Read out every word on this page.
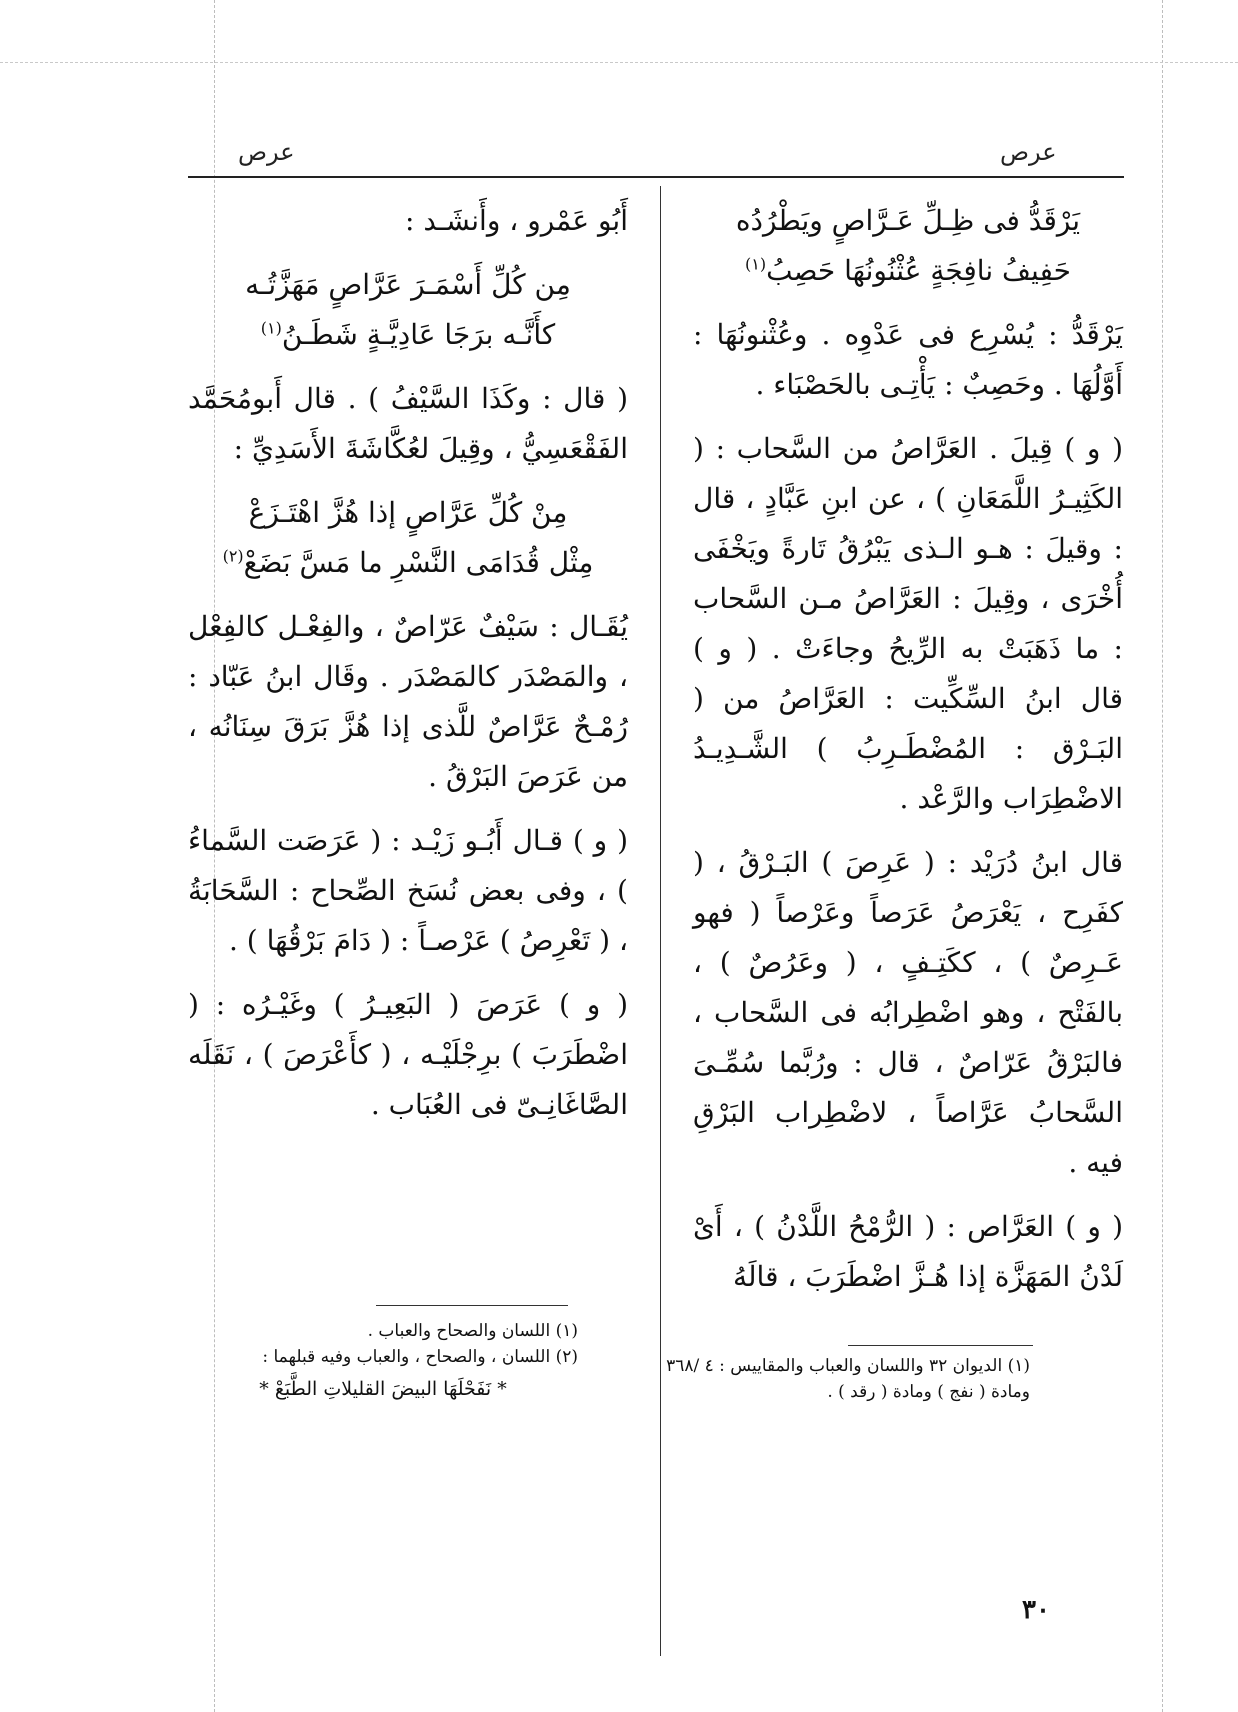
عرص
عرص
يَرْقَدُّ فى ظِـلِّ عَـرَّاصٍ ويَطْرُدُه
حَفِيفُ نافِجَةٍ عُثْنُونُهَا حَصِبُ$^{(١)}$

يَرْقَدُّ : يُسْرِع فى عَدْوِه . وعُثْنونُهَا : أَوَّلُهَا . وحَصِبٌ : يَأْتِـى بالحَصْبَاء .

( و ) قِيلَ . العَرَّاصُ من السَّحاب : ( الكَثِيـرُ اللَّمَعَانِ ) ، عن ابنِ عَبَّادٍ ، قال : وقيلَ : هـو الـذى يَبْرُقُ تَارةً ويَخْفَى أُخْرَى ، وقِيلَ : العَرَّاصُ مـن السَّحاب : ما ذَهَبَتْ به الرِّيحُ وجاءَتْ . ( و ) قال ابنُ السِّكِّيت : العَرَّاصُ من ( البَـرْق : المُضْطَـرِبُ ) الشَّـدِيـدُ الاضْطِرَاب والرَّعْد .

قال ابنُ دُرَيْد : ( عَرِصَ ) البَـرْقُ ، ( كفَرِح ، يَعْرَصُ عَرَصاً وعَرْصاً ( فهو عَـرِصٌ ) ، ككَتِـفٍ ، ( وعَرُصٌ ) ، بالفَتْح ، وهو اضْطِرابُه فى السَّحاب ، فالبَرْقُ عَرّاصٌ ، قال : ورُبَّما سُمِّـىَ السَّحابُ عَرَّاصاً ، لاضْطِراب البَرْقِ فيه .

( و ) العَرَّاص : ( الرُّمْحُ اللَّدْنُ ) ، أَىْ لَدْنُ المَهَزَّة إذا هُـزَّ اضْطَرَبَ ، قالَهُ

أَبُو عَمْرو ، وأَنشَـد :

مِن كُلِّ أَسْمَـرَ عَرَّاصٍ مَهَزَّتُـه
كأَنَّـه برَجَا عَادِيَّـةٍ شَطَـنُ$^{(١)}$

( قال : وكَذَا السَّيْفُ ) . قال أَبومُحَمَّد الفَقْعَسِيُّ ، وقِيلَ لعُكَّاشَةَ الأَسَدِيِّ :

مِنْ كُلِّ عَرَّاصٍ إذا هُزَّ اهْتَـزَعْ
مِثْل قُدَامَى النَّسْرِ ما مَسَّ بَضَعْ$^{(٢)}$

يُقَـال : سَيْفٌ عَرّاصٌ ، والفِعْـل كالفِعْل ، والمَصْدَر كالمَصْدَر . وقَال ابنُ عَبّاد : رُمْـحٌ عَرَّاصٌ للَّذى إذا هُزَّ بَرَقَ سِنَانُه ، من عَرَصَ البَرْقُ .

( و ) قـال أَبُـو زَيْـد : ( عَرَصَت السَّماءُ ) ، وفى بعض نُسَخ الصِّحاح : السَّحَابَةُ ، ( تَعْرِصُ ) عَرْصـاً : ( دَامَ بَرْقُهَا ) .

( و ) عَرَصَ ( البَعِيـرُ ) وغَيْـرُه : ( اضْطَرَبَ ) برِجْلَيْـه ، ( كأَعْرَصَ ) ، نَقَلَه الصَّاغَانِـىّ فى العُبَاب .

(١) الديوان ٣٢ واللسان والعباب والمقاييس : ٤ /٣٦٨ ومادة ( نفج ) ومادة ( رقد ) .

(١) اللسان والصحاح والعباب .

(٢) اللسان ، والصحاح ، والعباب وفيه قبلهما :

* نَفَحْلَهَا البيضَ القليلاتِ الطَّبَعْ *

٣٠
